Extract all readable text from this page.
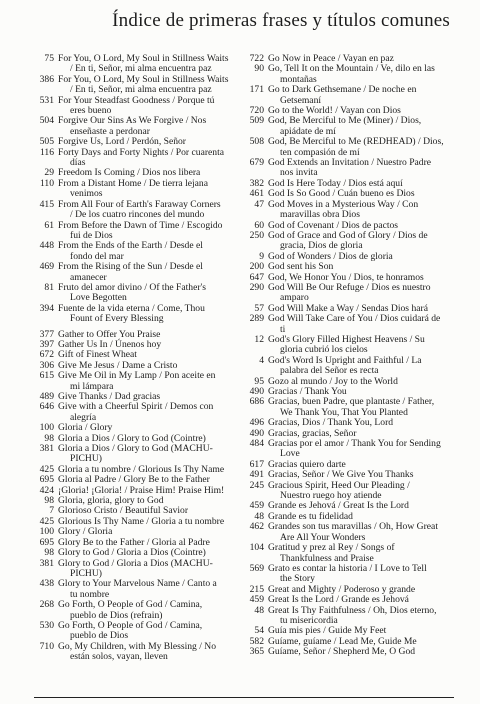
Índice de primeras frases y títulos comunes
75 For You, O Lord, My Soul in Stillness Waits
/ En ti, Señor, mi alma encuentra paz
386 For You, O Lord, My Soul in Stillness Waits
/ En ti, Señor, mi alma encuentra paz
531 For Your Steadfast Goodness / Porque tú
eres bueno
504 Forgive Our Sins As We Forgive / Nos
enseñaste a perdonar
505 Forgive Us, Lord / Perdón, Señor
116 Forty Days and Forty Nights / Por cuarenta
días
29 Freedom Is Coming / Dios nos libera
110 From a Distant Home / De tierra lejana
venimos
415 From All Four of Earth's Faraway Corners
/ De los cuatro rincones del mundo
61 From Before the Dawn of Time / Escogido
fui de Dios
448 From the Ends of the Earth / Desde el
fondo del mar
469 From the Rising of the Sun / Desde el
amanecer
81 Fruto del amor divino / Of the Father's
Love Begotten
394 Fuente de la vida eterna / Come, Thou
Fount of Every Blessing
377 Gather to Offer You Praise
397 Gather Us In / Únenos hoy
672 Gift of Finest Wheat
306 Give Me Jesus / Dame a Cristo
615 Give Me Oil in My Lamp / Pon aceite en
mi lámpara
489 Give Thanks / Dad gracias
646 Give with a Cheerful Spirit / Demos con
alegría
100 Gloria / Glory
98 Gloria a Dios / Glory to God (Cointre)
381 Gloria a Dios / Glory to God (MACHU-
PICHU)
425 Gloria a tu nombre / Glorious Is Thy Name
695 Gloria al Padre / Glory Be to the Father
424 ¡Gloria! ¡Gloria! / Praise Him! Praise Him!
98 Gloria, gloria, glory to God
7 Glorioso Cristo / Beautiful Savior
425 Glorious Is Thy Name / Gloria a tu nombre
100 Glory / Gloria
695 Glory Be to the Father / Gloria al Padre
98 Glory to God / Gloria a Dios (Cointre)
381 Glory to God / Gloria a Dios (MACHU-
PICHU)
438 Glory to Your Marvelous Name / Canto a
tu nombre
268 Go Forth, O People of God / Camina,
pueblo de Dios (refrain)
530 Go Forth, O People of God / Camina,
pueblo de Dios
710 Go, My Children, with My Blessing / No
están solos, vayan, lleven
722 Go Now in Peace / Vayan en paz
90 Go, Tell It on the Mountain / Ve, dilo en las
montañas
171 Go to Dark Gethsemane / De noche en
Getsemaní
720 Go to the World! / Vayan con Dios
509 God, Be Merciful to Me (Miner) / Dios,
apiádate de mí
508 God, Be Merciful to Me (REDHEAD) / Dios,
ten compasión de mí
679 God Extends an Invitation / Nuestro Padre
nos invita
382 God Is Here Today / Dios está aquí
461 God Is So Good / Cuán bueno es Dios
47 God Moves in a Mysterious Way / Con
maravillas obra Dios
60 God of Covenant / Dios de pactos
250 God of Grace and God of Glory / Dios de
gracia, Dios de gloria
9 God of Wonders / Dios de gloria
200 God sent his Son
647 God, We Honor You / Dios, te honramos
290 God Will Be Our Refuge / Dios es nuestro
amparo
57 God Will Make a Way / Sendas Dios hará
289 God Will Take Care of You / Dios cuidará de
ti
12 God's Glory Filled Highest Heavens / Su
gloria cubrió los cielos
4 God's Word Is Upright and Faithful / La
palabra del Señor es recta
95 Gozo al mundo / Joy to the World
490 Gracias / Thank You
686 Gracias, buen Padre, que plantaste / Father,
We Thank You, That You Planted
496 Gracias, Dios / Thank You, Lord
490 Gracias, gracias, Señor
484 Gracias por el amor / Thank You for Sending
Love
617 Gracias quiero darte
491 Gracias, Señor / We Give You Thanks
245 Gracious Spirit, Heed Our Pleading /
Nuestro ruego hoy atiende
459 Grande es Jehová / Great Is the Lord
48 Grande es tu fidelidad
462 Grandes son tus maravillas / Oh, How Great
Are All Your Wonders
104 Gratitud y prez al Rey / Songs of
Thankfulness and Praise
569 Grato es contar la historia / I Love to Tell
the Story
215 Great and Mighty / Poderoso y grande
459 Great Is the Lord / Grande es Jehová
48 Great Is Thy Faithfulness / Oh, Dios eterno,
tu misericordia
54 Guía mis pies / Guide My Feet
582 Guíame, guíame / Lead Me, Guide Me
365 Guíame, Señor / Shepherd Me, O God
